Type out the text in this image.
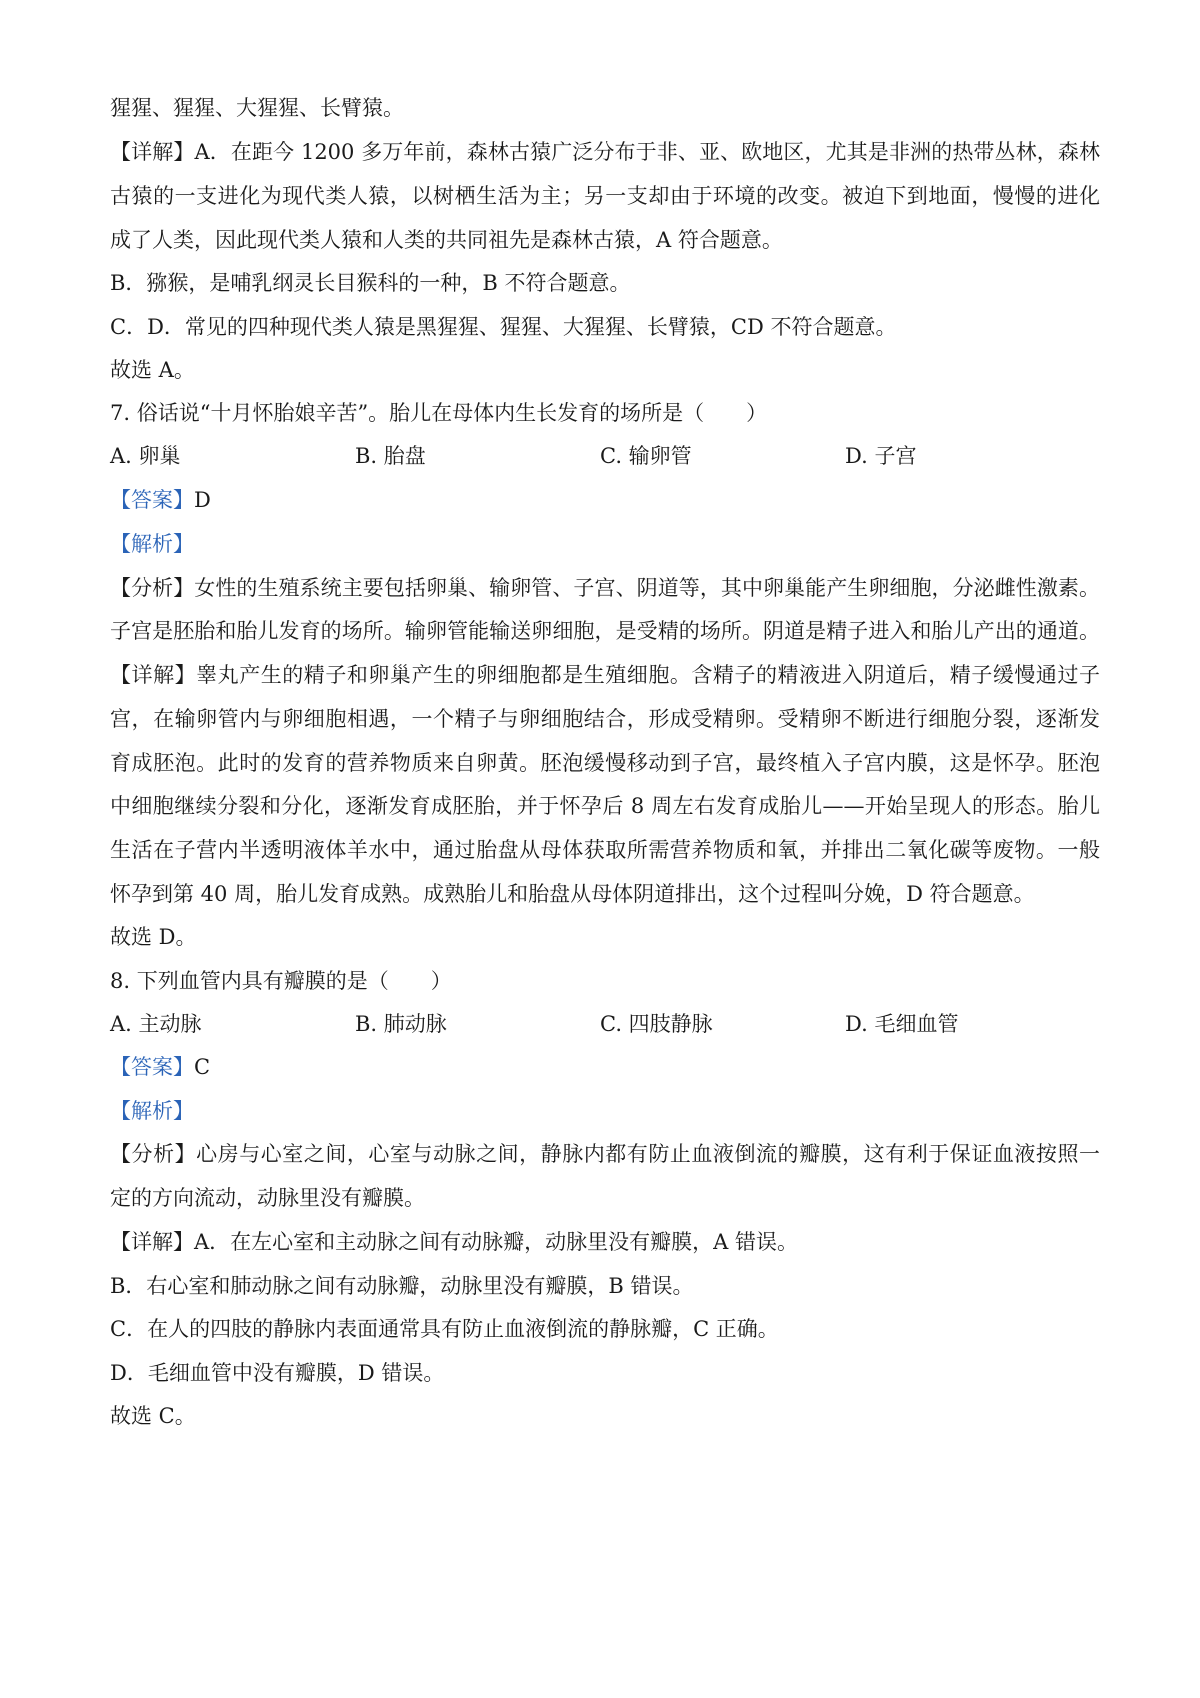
猩猩、猩猩、大猩猩、长臂猿。
【详解】A．在距今 1200 多万年前，森林古猿广泛分布于非、亚、欧地区，尤其是非洲的热带丛林，森林
古猿的一支进化为现代类人猿，以树栖生活为主；另一支却由于环境的改变。被迫下到地面，慢慢的进化
成了人类，因此现代类人猿和人类的共同祖先是森林古猿，A 符合题意。
B．猕猴，是哺乳纲灵长目猴科的一种，B 不符合题意。
C．D．常见的四种现代类人猿是黑猩猩、猩猩、大猩猩、长臂猿，CD 不符合题意。
故选 A。
7. 俗话说“十月怀胎娘辛苦”。胎儿在母体内生长发育的场所是（　　）
A. 卵巢	B. 胎盘	C. 输卵管	D. 子宫
【答案】D
【解析】
【分析】女性的生殖系统主要包括卵巢、输卵管、子宫、阴道等，其中卵巢能产生卵细胞，分泌雌性激素。
子宫是胚胎和胎儿发育的场所。输卵管能输送卵细胞，是受精的场所。阴道是精子进入和胎儿产出的通道。
【详解】睾丸产生的精子和卵巢产生的卵细胞都是生殖细胞。含精子的精液进入阴道后，精子缓慢通过子
宫，在输卵管内与卵细胞相遇，一个精子与卵细胞结合，形成受精卵。受精卵不断进行细胞分裂，逐渐发
育成胚泡。此时的发育的营养物质来自卵黄。胚泡缓慢移动到子宫，最终植入子宫内膜，这是怀孕。胚泡
中细胞继续分裂和分化，逐渐发育成胚胎，并于怀孕后 8 周左右发育成胎儿——开始呈现人的形态。胎儿
生活在子营内半透明液体羊水中，通过胎盘从母体获取所需营养物质和氧，并排出二氧化碳等废物。一般
怀孕到第 40 周，胎儿发育成熟。成熟胎儿和胎盘从母体阴道排出，这个过程叫分娩，D 符合题意。
故选 D。
8. 下列血管内具有瓣膜的是（　　）
A. 主动脉	B. 肺动脉	C. 四肢静脉	D. 毛细血管
【答案】C
【解析】
【分析】心房与心室之间，心室与动脉之间，静脉内都有防止血液倒流的瓣膜，这有利于保证血液按照一
定的方向流动，动脉里没有瓣膜。
【详解】A．在左心室和主动脉之间有动脉瓣，动脉里没有瓣膜，A 错误。
B．右心室和肺动脉之间有动脉瓣，动脉里没有瓣膜，B 错误。
C．在人的四肢的静脉内表面通常具有防止血液倒流的静脉瓣，C 正确。
D．毛细血管中没有瓣膜，D 错误。
故选 C。
